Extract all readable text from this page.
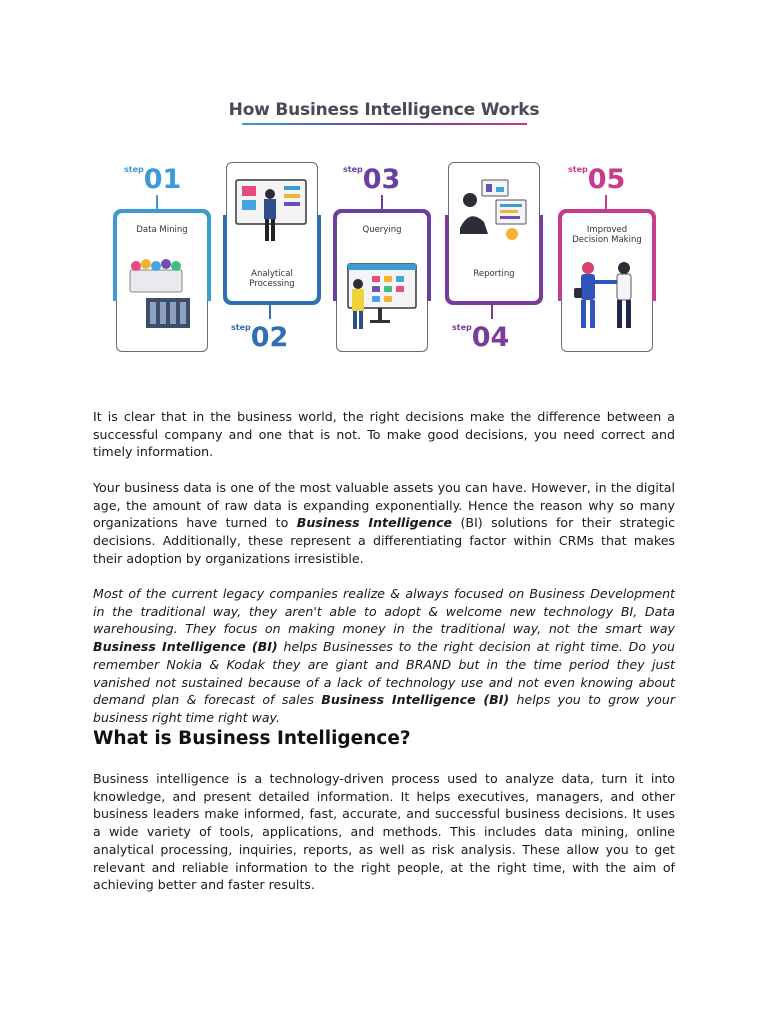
How Business Intelligence Works
$^{step}$01
Data Mining
Analytical
Processing
$^{step}$02
$^{step}$03
Querying
Reporting
$^{step}$04
$^{step}$05
Improved
Decision Making

It is clear that in the business world, the right decisions make the difference between a successful company and one that is not. To make good decisions, you need correct and timely information.

Your business data is one of the most valuable assets you can have. However, in the digital age, the amount of raw data is expanding exponentially. Hence the reason why so many organizations have turned to Business Intelligence (BI) solutions for their strategic decisions. Additionally, these represent a differentiating factor within CRMs that makes their adoption by organizations irresistible.

Most of the current legacy companies realize & always focused on Business Development in the traditional way, they aren't able to adopt & welcome new technology BI, Data warehousing. They focus on making money in the traditional way, not the smart way Business Intelligence (BI) helps Businesses to the right decision at right time. Do you remember Nokia & Kodak they are giant and BRAND but in the time period they just vanished not sustained because of a lack of technology use and not even knowing about demand plan & forecast of sales Business Intelligence (BI) helps you to grow your business right time right way.

What is Business Intelligence?

Business intelligence is a technology-driven process used to analyze data, turn it into knowledge, and present detailed information. It helps executives, managers, and other business leaders make informed, fast, accurate, and successful business decisions. It uses a wide variety of tools, applications, and methods. This includes data mining, online analytical processing, inquiries, reports, as well as risk analysis. These allow you to get relevant and reliable information to the right people, at the right time, with the aim of achieving better and faster results.
